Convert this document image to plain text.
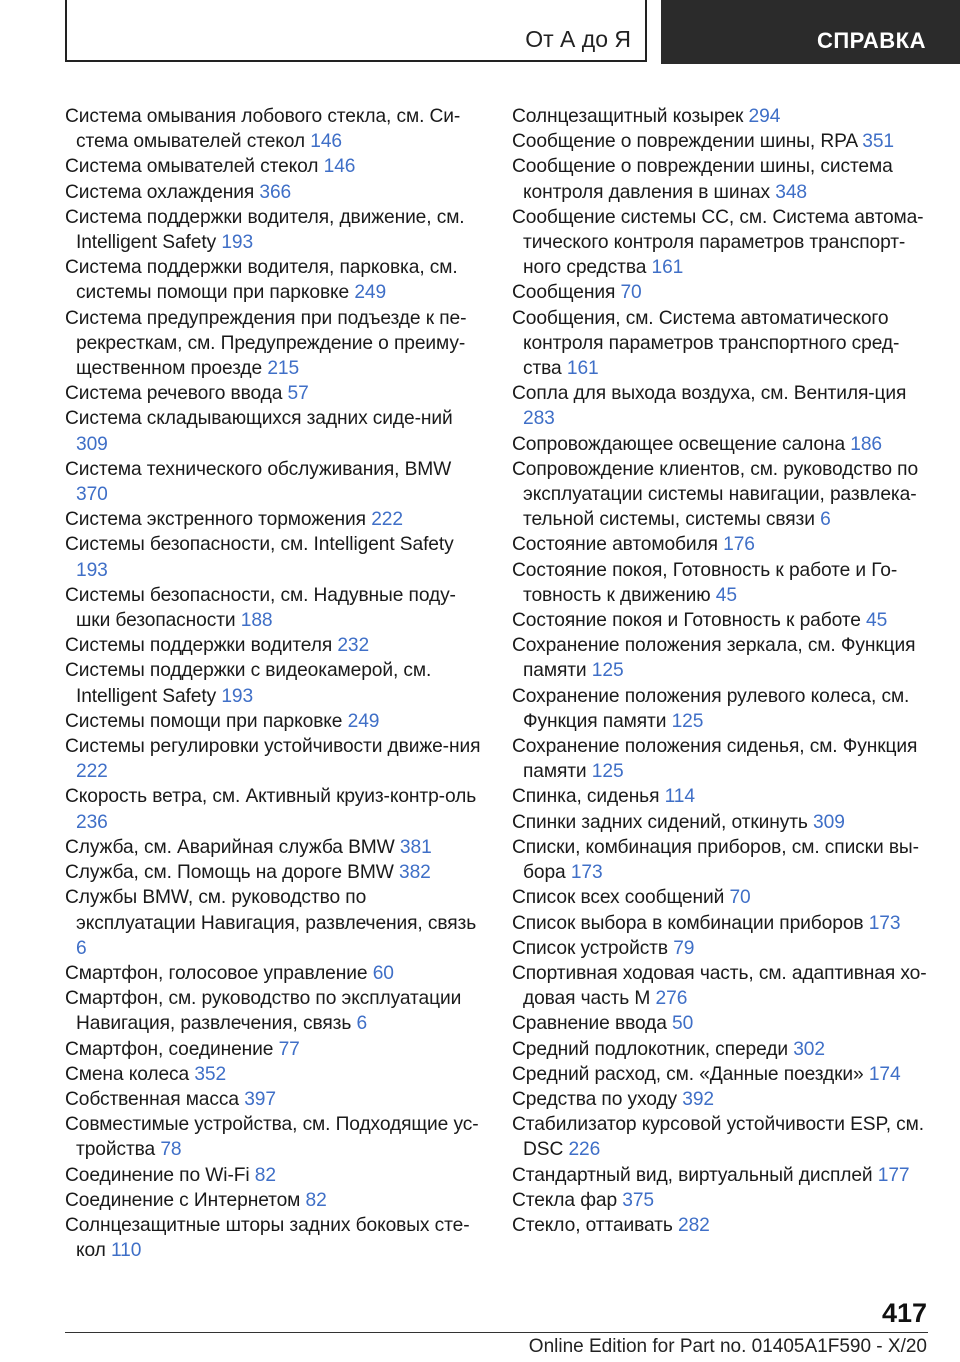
От А до Я	СПРАВКА
Система омывания лобового стекла, см. Си-стема омывателей стекол 146
Система омывателей стекол 146
Система охлаждения 366
Система поддержки водителя, движение, см. Intelligent Safety 193
Система поддержки водителя, парковка, см. системы помощи при парковке 249
Система предупреждения при подъезде к пе-рекресткам, см. Предупреждение о преиму-щественном проезде 215
Система речевого ввода 57
Система складывающихся задних сиде-ний 309
Система технического обслуживания, BMW 370
Система экстренного торможения 222
Системы безопасности, см. Intelligent Safety 193
Системы безопасности, см. Надувные поду-шки безопасности 188
Системы поддержки водителя 232
Системы поддержки с видеокамерой, см. Intelligent Safety 193
Системы помощи при парковке 249
Системы регулировки устойчивости движе-ния 222
Скорость ветра, см. Активный круиз-контр-оль 236
Служба, см. Аварийная служба BMW 381
Служба, см. Помощь на дороге BMW 382
Службы BMW, см. руководство по эксплуатации Навигация, развлечения, связь 6
Смартфон, голосовое управление 60
Смартфон, см. руководство по эксплуатации Навигация, развлечения, связь 6
Смартфон, соединение 77
Смена колеса 352
Собственная масса 397
Совместимые устройства, см. Подходящие ус-тройства 78
Соединение по Wi-Fi 82
Соединение с Интернетом 82
Солнцезащитные шторы задних боковых сте-кол 110
Солнцезащитный козырек 294
Сообщение о повреждении шины, RPA 351
Сообщение о повреждении шины, система контроля давления в шинах 348
Сообщение системы CC, см. Система автома-тического контроля параметров транспорт-ного средства 161
Сообщения 70
Сообщения, см. Система автоматического контроля параметров транспортного сред-ства 161
Сопла для выхода воздуха, см. Вентиля-ция 283
Сопровождающее освещение салона 186
Сопровождение клиентов, см. руководство по эксплуатации системы навигации, развлека-тельной системы, системы связи 6
Состояние автомобиля 176
Состояние покоя, Готовность к работе и Го-товность к движению 45
Состояние покоя и Готовность к работе 45
Сохранение положения зеркала, см. Функция памяти 125
Сохранение положения рулевого колеса, см. Функция памяти 125
Сохранение положения сиденья, см. Функция памяти 125
Спинка, сиденья 114
Спинки задних сидений, откинуть 309
Списки, комбинация приборов, см. списки вы-бора 173
Список всех сообщений 70
Список выбора в комбинации приборов 173
Список устройств 79
Спортивная ходовая часть, см. адаптивная хо-довая часть M 276
Сравнение ввода 50
Средний подлокотник, спереди 302
Средний расход, см. «Данные поездки» 174
Средства по уходу 392
Стабилизатор курсовой устойчивости ESP, см. DSC 226
Стандартный вид, виртуальный дисплей 177
Стекла фар 375
Стекло, оттаивать 282
417
Online Edition for Part no. 01405A1F590 - X/20
